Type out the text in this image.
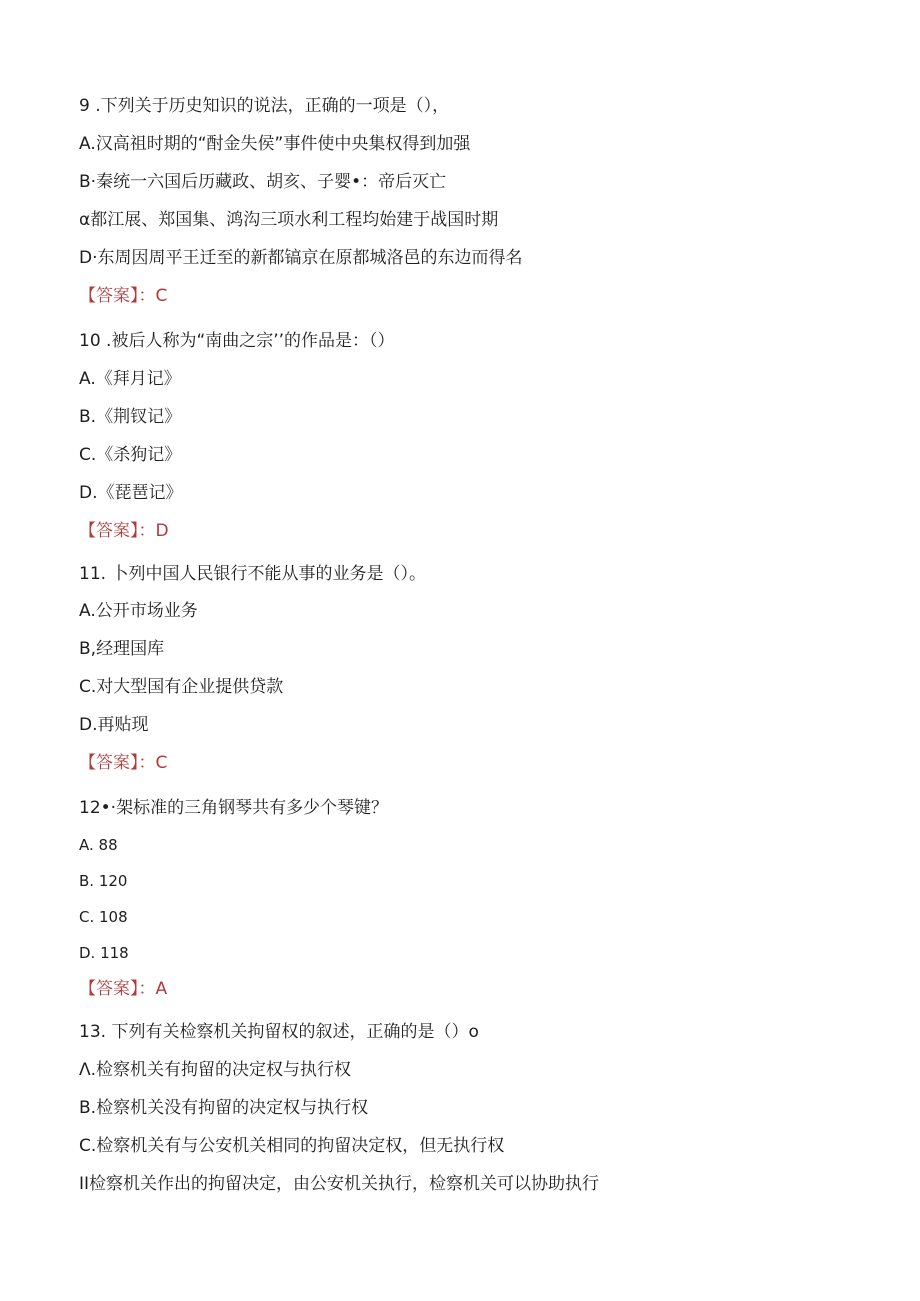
9 .下列关于历史知识的说法，正确的一项是（），
A.汉高祖时期的“酎金失侯”事件使中央集权得到加强
B·秦统一六国后历藏政、胡亥、子婴•：帝后灭亡
α都江展、郑国集、鸿沟三项水利工程均始建于战国时期
D·东周因周平王迁至的新都镐京在原都城洛邑的东边而得名
【答案】：C
10 .被后人称为“南曲之宗’’的作品是：（）
A.《拜月记》
B.《荆钗记》
C.《杀狗记》
D.《琵琶记》
【答案】：D
11. 卜列中国人民银行不能从事的业务是（）。
A.公开市场业务
B,经理国库
C.对大型国有企业提供贷款
D.再贴现
【答案】：C
12•·架标准的三角钢琴共有多少个琴键？
A. 88
B. 120
C. 108
D. 118
【答案】：A
13. 下列有关检察机关拘留权的叙述，正确的是（）o
Λ.检察机关有拘留的决定权与执行权
B.检察机关没有拘留的决定权与执行权
C.检察机关有与公安机关相同的拘留决定权，但无执行权
II检察机关作出的拘留决定，由公安机关执行，检察机关可以协助执行
